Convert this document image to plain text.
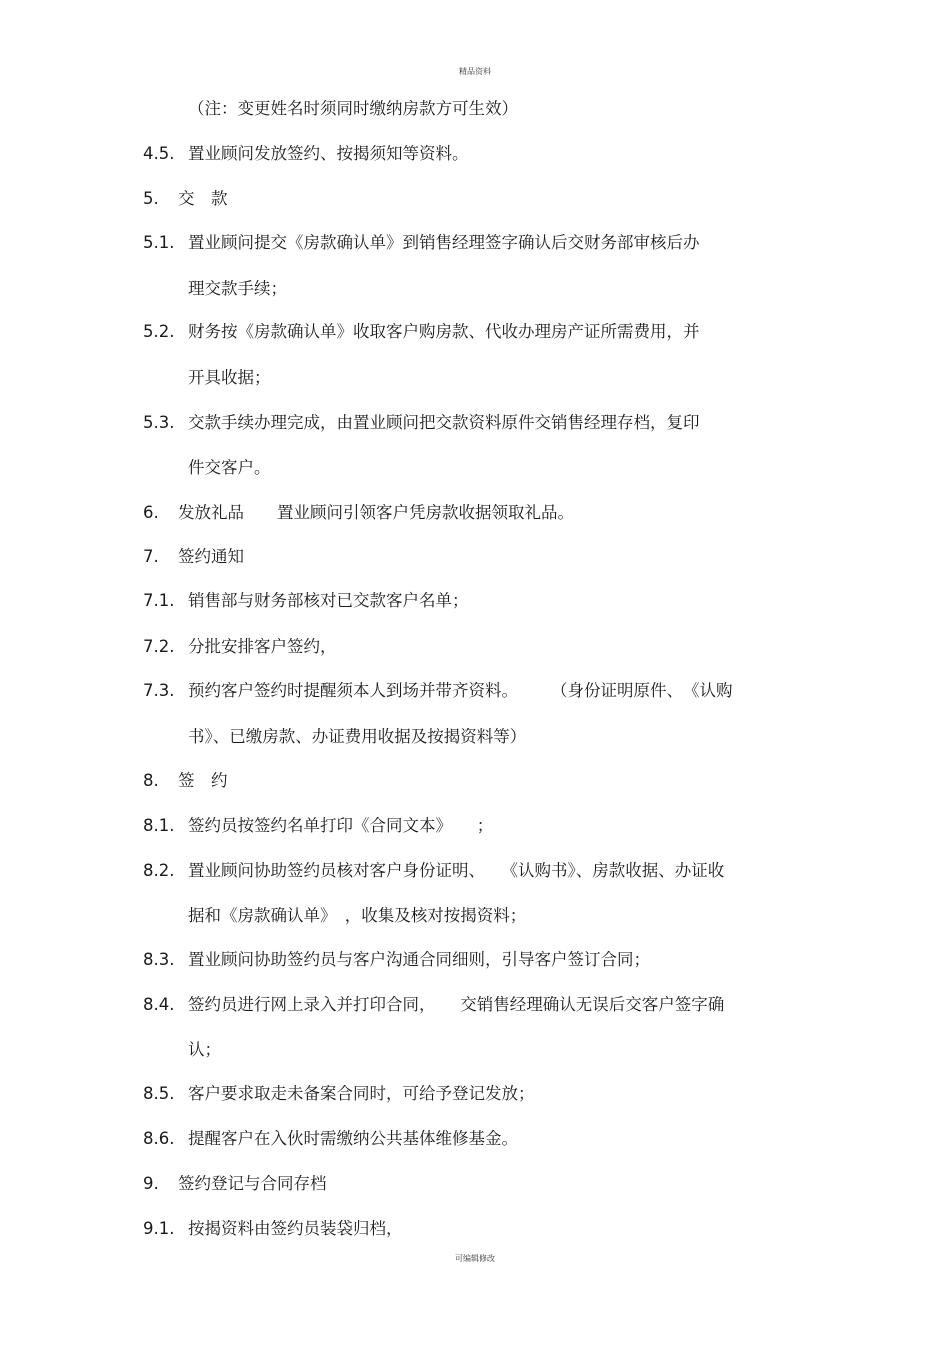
精品资料
（注：变更姓名时须同时缴纳房款方可生效）
4.5. 置业顾问发放签约、按揭须知等资料。
5. 交　款
5.1. 置业顾问提交《房款确认单》到销售经理签字确认后交财务部审核后办
理交款手续；
5.2. 财务按《房款确认单》收取客户购房款、代收办理房产证所需费用，并
开具收据；
5.3. 交款手续办理完成，由置业顾问把交款资料原件交销售经理存档，复印
件交客户。
6. 发放礼品　　置业顾问引领客户凭房款收据领取礼品。
7. 签约通知
7.1. 销售部与财务部核对已交款客户名单；
7.2. 分批安排客户签约，
7.3. 预约客户签约时提醒须本人到场并带齐资料。　　　（身份证明原件、　《认购
书》、已缴房款、办证费用收据及按揭资料等）
8. 签　约
8.1. 签约员按签约名单打印《合同文本》　　；
8.2. 置业顾问协助签约员核对客户身份证明、　　《认购书》、房款收据、办证收
据和《房款确认单》　，收集及核对按揭资料；
8.3. 置业顾问协助签约员与客户沟通合同细则，引导客户签订合同；
8.4. 签约员进行网上录入并打印合同，　　交销售经理确认无误后交客户签字确
认；
8.5. 客户要求取走未备案合同时，可给予登记发放；
8.6. 提醒客户在入伙时需缴纳公共基体维修基金。
9. 签约登记与合同存档
9.1. 按揭资料由签约员装袋归档，
可编辑修改
